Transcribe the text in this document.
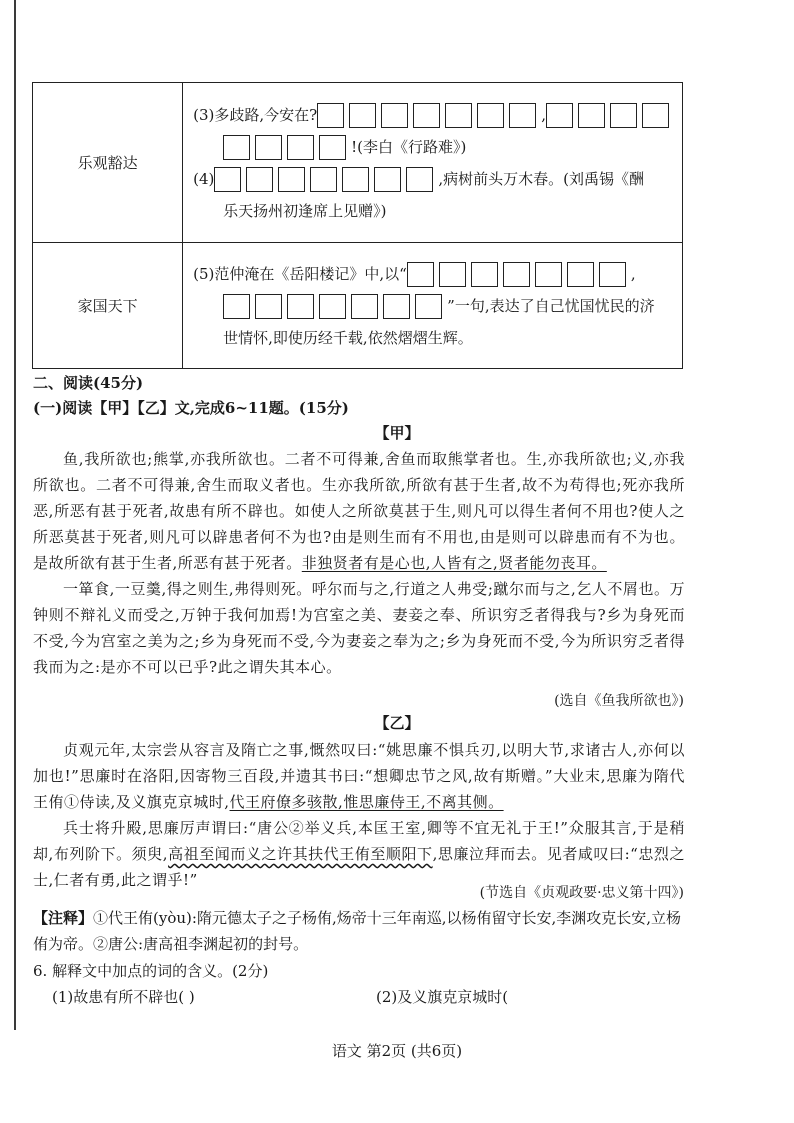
乐观豁达	(3)多歧路,今安在? ,
!(李白《行路难》)
(4) ,病树前头万木春。(刘禹锡《酬
乐天扬州初逢席上见赠》)

家国天下	(5)范仲淹在《岳阳楼记》中,以“ ,
”一句,表达了自己忧国忧民的济
世情怀,即使历经千载,依然熠熠生辉。
二、阅读(45分)
(一)阅读【甲】【乙】文,完成6~11题。(15分)
【甲】

鱼,我所欲也;熊掌,亦我所欲也。二者不可得兼,舍鱼而取熊掌者也。生,亦我所欲也;义,亦我所欲也。二者不可得兼,舍生而取义者也。生亦我所欲,所欲有甚于生者,故不为苟得也;死亦我所恶,所恶有甚于死者,故患有所不辟也。如使人之所欲莫甚于生,则凡可以得生者何不用也?使人之所恶莫甚于死者,则凡可以辟患者何不为也?由是则生而有不用也,由是则可以辟患而有不为也。是故所欲有甚于生者,所恶有甚于死者。非独贤者有是心也,人皆有之,贤者能勿丧耳。

一箪食,一豆羹,得之则生,弗得则死。呼尔而与之,行道之人弗受;蹴尔而与之,乞人不屑也。万钟则不辩礼义而受之,万钟于我何加焉!为宫室之美、妻妾之奉、所识穷乏者得我与?乡为身死而不受,今为宫室之美为之;乡为身死而不受,今为妻妾之奉为之;乡为身死而不受,今为所识穷乏者得我而为之:是亦不可以已乎?此之谓失其本心。

(选自《鱼我所欲也》)
【乙】

贞观元年,太宗尝从容言及隋亡之事,慨然叹曰:“姚思廉不惧兵刃,以明大节,求诸古人,亦何以加也!”思廉时在洛阳,因寄物三百段,并遗其书曰:“想卿忠节之风,故有斯赠。”大业末,思廉为隋代王侑①侍读,及义旗克京城时,代王府僚多骇散,惟思廉侍王,不离其侧。

兵士将升殿,思廉厉声谓曰:“唐公②举义兵,本匡王室,卿等不宜无礼于王!”众服其言,于是稍却,布列阶下。须臾,高祖至闻而义之许其扶代王侑至顺阳下,思廉泣拜而去。见者咸叹曰:“忠烈之士,仁者有勇,此之谓乎!”

(节选自《贞观政要·忠义第十四》)
【注释】①代王侑(yòu):隋元德太子之子杨侑,炀帝十三年南巡,以杨侑留守长安,李渊攻克长安,立杨侑为帝。②唐公:唐高祖李渊起初的封号。
6. 解释文中加点的词的含义。(2分)
(1)故患有所不辟也( )	(2)及义旗克京城时(
语文 第2页 (共6页)
